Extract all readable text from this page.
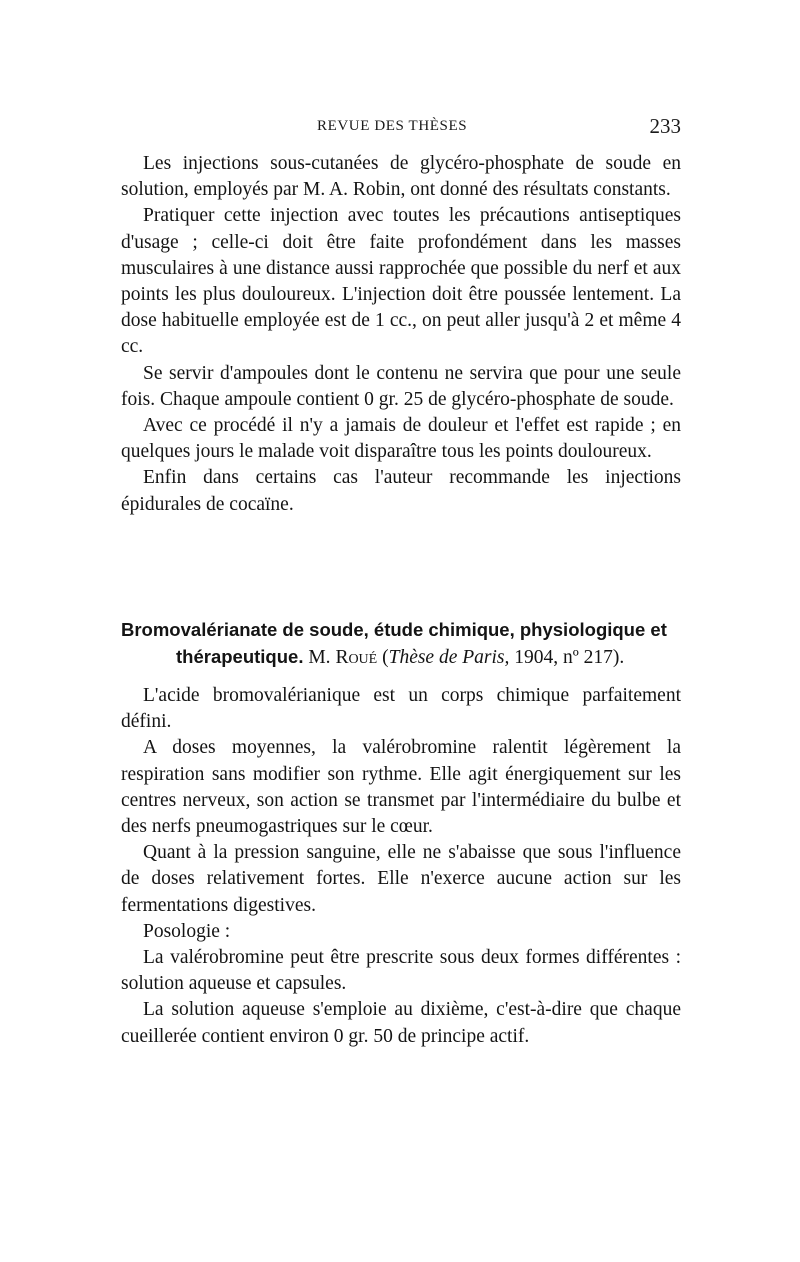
REVUE DES THÈSES	233

Les injections sous-cutanées de glycéro-phosphate de soude en solution, employés par M. A. Robin, ont donné des résultats constants.

Pratiquer cette injection avec toutes les précautions antiseptiques d'usage ; celle-ci doit être faite profondément dans les masses musculaires à une distance aussi rapprochée que possible du nerf et aux points les plus douloureux. L'injection doit être poussée lentement. La dose habituelle employée est de 1 cc., on peut aller jusqu'à 2 et même 4 cc.

Se servir d'ampoules dont le contenu ne servira que pour une seule fois. Chaque ampoule contient 0 gr. 25 de glycéro-phosphate de soude.

Avec ce procédé il n'y a jamais de douleur et l'effet est rapide ; en quelques jours le malade voit disparaître tous les points douloureux.

Enfin dans certains cas l'auteur recommande les injections épidurales de cocaïne.

Bromovalérianate de soude, étude chimique, physiologique et
thérapeutique. M. Roué (Thèse de Paris, 1904, nº 217).

L'acide bromovalérianique est un corps chimique parfaitement défini.

A doses moyennes, la valérobromine ralentit légèrement la respiration sans modifier son rythme. Elle agit énergiquement sur les centres nerveux, son action se transmet par l'intermédiaire du bulbe et des nerfs pneumogastriques sur le cœur.

Quant à la pression sanguine, elle ne s'abaisse que sous l'influence de doses relativement fortes. Elle n'exerce aucune action sur les fermentations digestives.

Posologie :

La valérobromine peut être prescrite sous deux formes différentes : solution aqueuse et capsules.

La solution aqueuse s'emploie au dixième, c'est-à-dire que chaque cueillerée contient environ 0 gr. 50 de principe actif.
